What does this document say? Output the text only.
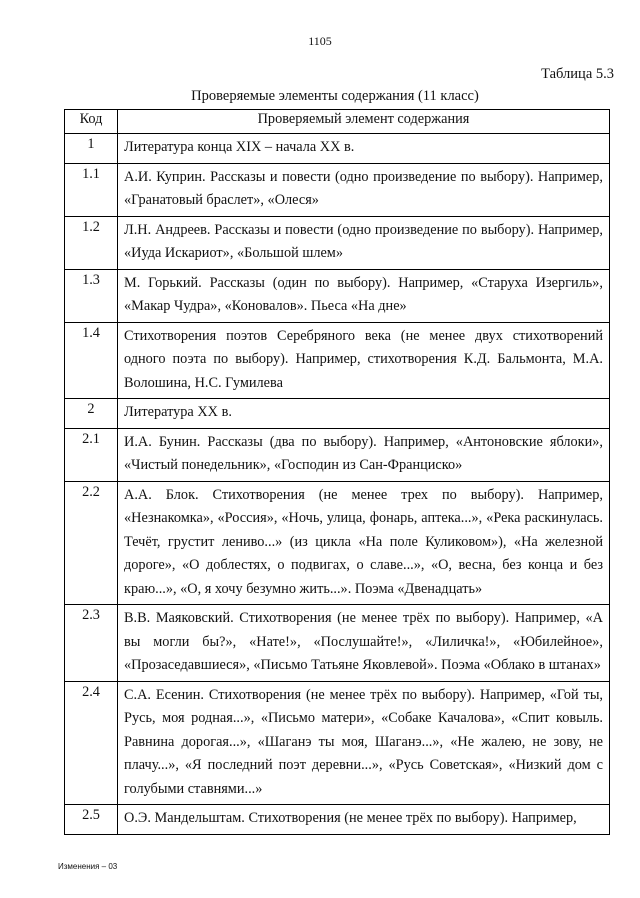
1105
Таблица 5.3
Проверяемые элементы содержания (11 класс)
Код	Проверяемый элемент содержания
1	Литература конца XIX – начала XX в.
1.1	А.И. Куприн. Рассказы и повести (одно произведение по выбору). Например, «Гранатовый браслет», «Олеся»
1.2	Л.Н. Андреев. Рассказы и повести (одно произведение по выбору). Например, «Иуда Искариот», «Большой шлем»
1.3	М. Горький. Рассказы (один по выбору). Например, «Старуха Изергиль», «Макар Чудра», «Коновалов». Пьеса «На дне»
1.4	Стихотворения поэтов Серебряного века (не менее двух стихотворений одного поэта по выбору). Например, стихотворения К.Д. Бальмонта, М.А. Волошина, Н.С. Гумилева
2	Литература XX в.
2.1	И.А. Бунин. Рассказы (два по выбору). Например, «Антоновские яблоки», «Чистый понедельник», «Господин из Сан-Франциско»
2.2	А.А. Блок. Стихотворения (не менее трех по выбору). Например, «Незнакомка», «Россия», «Ночь, улица, фонарь, аптека...», «Река раскинулась. Течёт, грустит лениво...» (из цикла «На поле Куликовом»), «На железной дороге», «О доблестях, о подвигах, о славе...», «О, весна, без конца и без краю...», «О, я хочу безумно жить...». Поэма «Двенадцать»
2.3	В.В. Маяковский. Стихотворения (не менее трёх по выбору). Например, «А вы могли бы?», «Нате!», «Послушайте!», «Лиличка!», «Юбилейное», «Прозаседавшиеся», «Письмо Татьяне Яковлевой». Поэма «Облако в штанах»
2.4	С.А. Есенин. Стихотворения (не менее трёх по выбору). Например, «Гой ты, Русь, моя родная...», «Письмо матери», «Собаке Качалова», «Спит ковыль. Равнина дорогая...», «Шаганэ ты моя, Шаганэ...», «Не жалею, не зову, не плачу...», «Я последний поэт деревни...», «Русь Советская», «Низкий дом с голубыми ставнями...»
2.5	О.Э. Мандельштам. Стихотворения (не менее трёх по выбору). Например,
Изменения – 03
